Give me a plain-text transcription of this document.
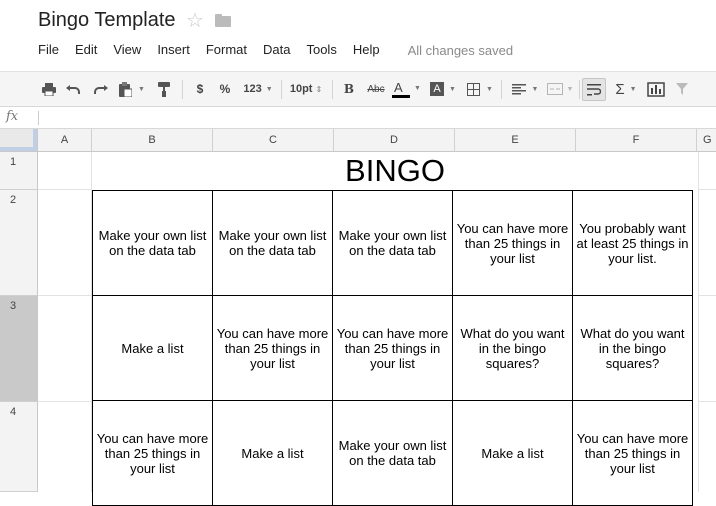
Bingo Template ☆
File	Edit	View	Insert	Format	Data	Tools	Help	All changes saved
▼	$	% 123 ▼ 10pt ⇕ B Abc A ▼	A	▼	▼	▼	▼	Σ ▼
fx
A	B	C	D	E	F	G
1
2
3
4
BINGO
Make your own list on the data tab	Make your own list on the data tab	Make your own list on the data tab	You can have more than 25 things in your list	You probably want at least 25 things in your list.
Make a list	You can have more than 25 things in your list	You can have more than 25 things in your list	What do you want in the bingo squares?	What do you want in the bingo squares?
You can have more than 25 things in your list	Make a list	Make your own list on the data tab	Make a list	You can have more than 25 things in your list
